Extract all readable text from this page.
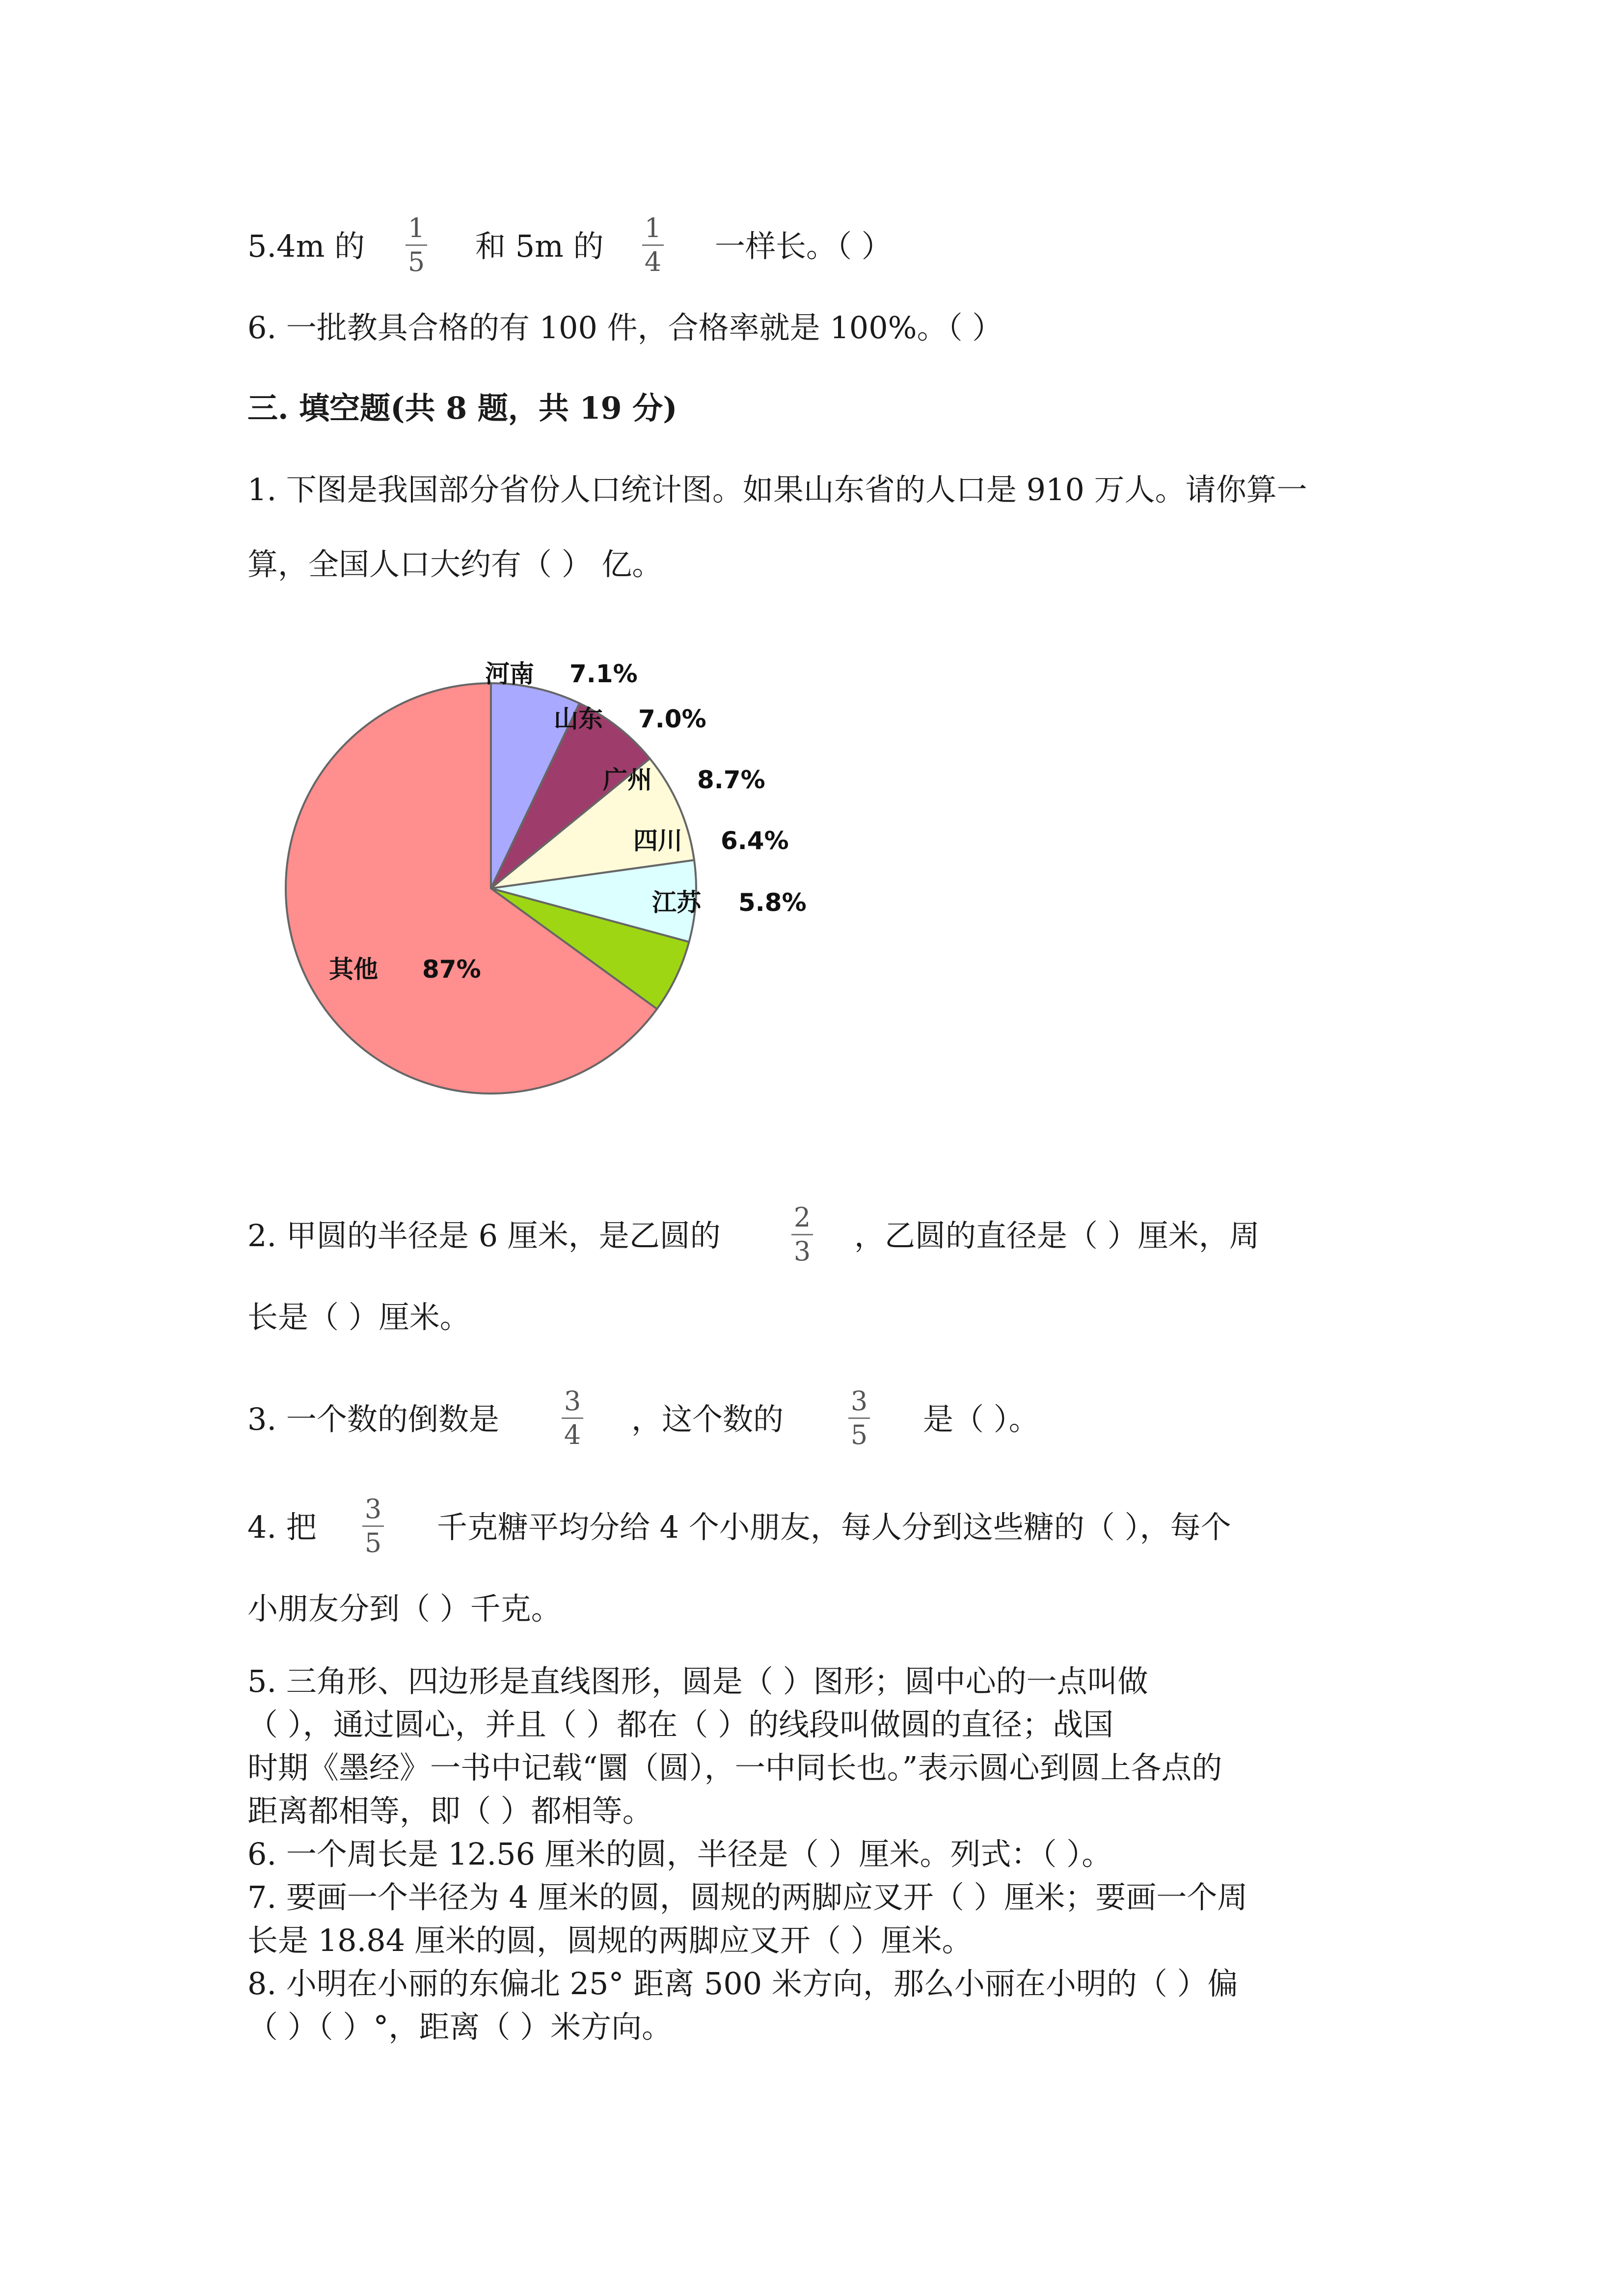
5.4m 的
1
5 和 5m 的
1
4 一样长。（ ）
6. 一批教具合格的有 100 件，合格率就是 100%。（ ）
三. 填空题(共 8 题，共 19 分)
1. 下图是我国部分省份人口统计图。如果山东省的人口是 910 万人。请你算一
算，全国人口大约有（ ） 亿。
河南 7.1%
山东 7.0%
广州 8.7%
四川 6.4%
江苏 5.8%
其他 87%
2. 甲圆的半径是 6 厘米，是乙圆的
2
3 ，乙圆的直径是（ ）厘米，周
长是（ ）厘米。
3. 一个数的倒数是
3
4 ，这个数的
3
5 是（ ）。
4. 把
3
5 千克糖平均分给 4 个小朋友，每人分到这些糖的（ ），每个
小朋友分到（ ）千克。
5. 三角形、四边形是直线图形，圆是（ ）图形；圆中心的一点叫做
（ ），通过圆心，并且（ ）都在（ ）的线段叫做圆的直径；战国
时期《墨经》一书中记载“圜（圆），一中同长也。”表示圆心到圆上各点的
距离都相等，即（ ）都相等。
6. 一个周长是 12.56 厘米的圆，半径是（ ）厘米。列式：（ ）。
7. 要画一个半径为 4 厘米的圆，圆规的两脚应叉开（ ）厘米；要画一个周
长是 18.84 厘米的圆，圆规的两脚应叉开（ ）厘米。
8. 小明在小丽的东偏北 25° 距离 500 米方向，那么小丽在小明的（ ）偏
（ ）（ ）°，距离（ ）米方向。
